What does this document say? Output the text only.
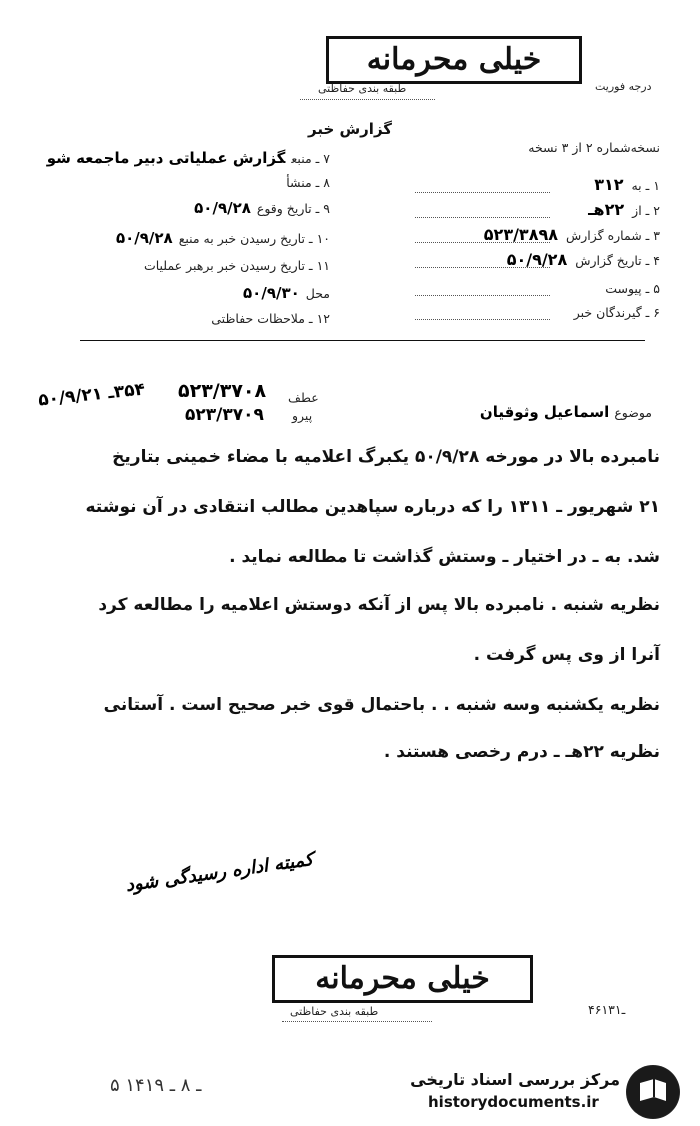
خیلی محرمانه
درجه فوریت
طبقه بندی حفاظتی
گزارش خبر
نسخه‌شماره ۲ از ۳ نسخه
۱ ـ به۳۱۲
۲ ـ از۲۲هـ
۳ ـ شماره گزارش۵۲۳/۳۸۹۸
۴ ـ تاریخ گزارش۵۰/۹/۲۸
۵ ـ پیوست
۶ ـ گیرندگان خبر
۷ ـ منبعگزارش عملیاتی دبیر ماجمعه شو
۸ ـ منشأ
۹ ـ تاریخ وقوع۵۰/۹/۲۸
۱۰ ـ تاریخ رسیدن خبر به منبع۵۰/۹/۲۸
۱۱ ـ تاریخ رسیدن خبر برهبر عملیات
محل۵۰/۹/۳۰
۱۲ ـ ملاحظات حفاظتی
عطف
۵۲۳/۳۷۰۸
پیرو
۵۲۳/۳۷۰۹
۳۵۴ـ ۵۰/۹/۲۱
موضوع اسماعیل وثوقیان
نامبرده بالا در مورخه ۵۰/۹/۲۸ یکبرگ اعلامیه با مضاء خمینی بتاریخ
۲۱ شهریور ـ ۱۳۱۱ را که درباره سپاهدین مطالب انتقادی در آن نوشته
شد. به ـ در اختیار ـ وستش گذاشت تا مطالعه نماید .
نظریه شنبه . نامبرده بالا پس از آنکه دوستش اعلامیه را مطالعه کرد
آنرا از وی پس گرفت .
نظریه یکشنبه وسه شنبه . . باحتمال قوی خبر صحیح است . آستانی
نظریه ۲۲هـ ـ درم رخصی هستند .
کمیته اداره رسیدگی شود
خیلی محرمانه
طبقه بندی حفاظتی	۴۶ـ۱۳۱
۵ ـ ۸ ـ ۱۴۱۹	مرکز بررسی اسناد تاریخی
historydocuments.ir
